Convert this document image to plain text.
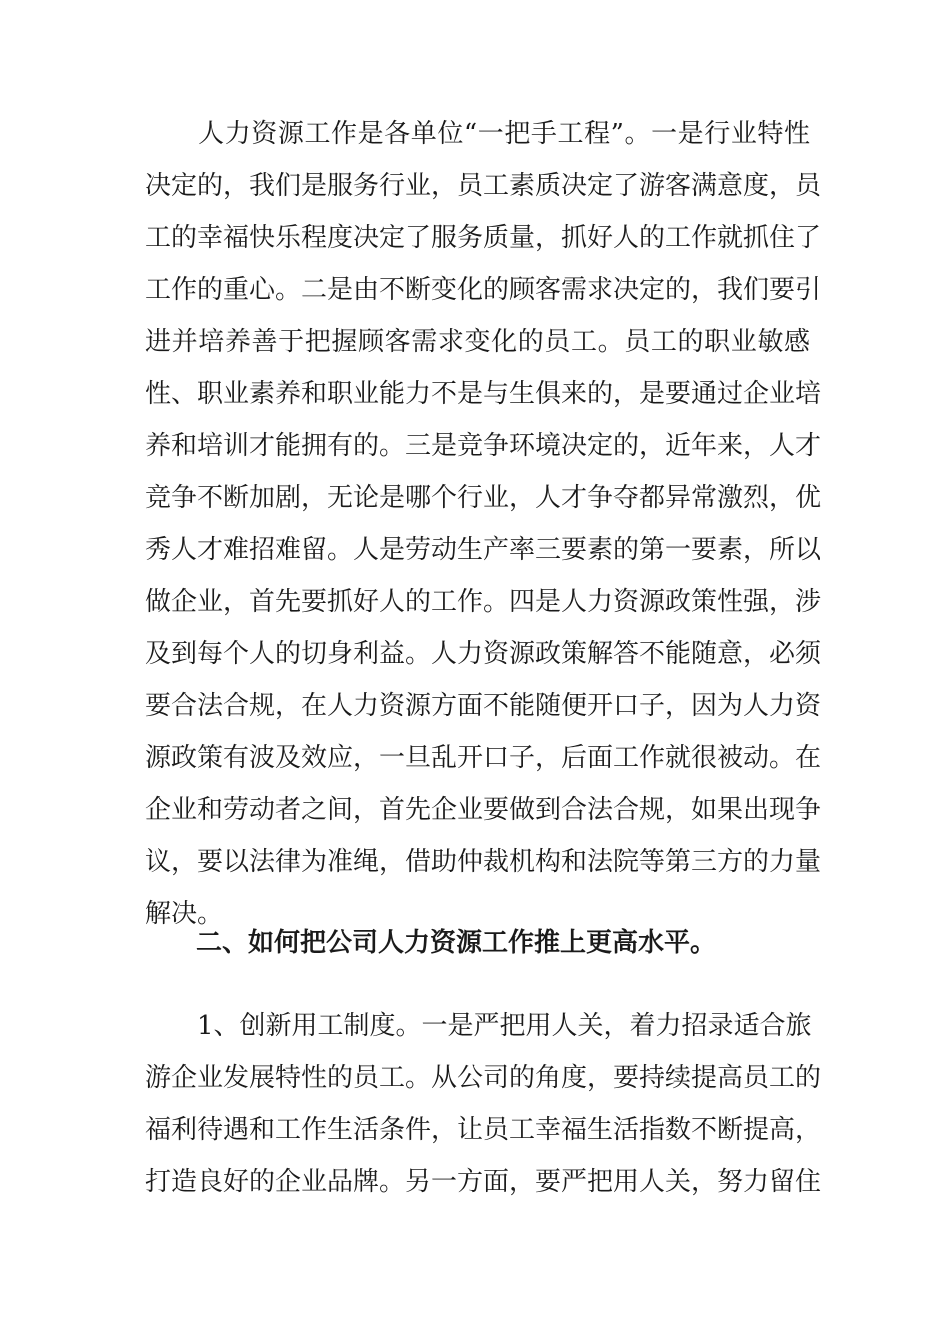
　　人力资源工作是各单位“一把手工程”。一是行业特性
决定的，我们是服务行业，员工素质决定了游客满意度，员
工的幸福快乐程度决定了服务质量，抓好人的工作就抓住了
工作的重心。二是由不断变化的顾客需求决定的，我们要引
进并培养善于把握顾客需求变化的员工。员工的职业敏感
性、职业素养和职业能力不是与生俱来的，是要通过企业培
养和培训才能拥有的。三是竞争环境决定的，近年来，人才
竞争不断加剧，无论是哪个行业，人才争夺都异常激烈，优
秀人才难招难留。人是劳动生产率三要素的第一要素，所以
做企业，首先要抓好人的工作。四是人力资源政策性强，涉
及到每个人的切身利益。人力资源政策解答不能随意，必须
要合法合规，在人力资源方面不能随便开口子，因为人力资
源政策有波及效应，一旦乱开口子，后面工作就很被动。在
企业和劳动者之间，首先企业要做到合法合规，如果出现争
议，要以法律为准绳，借助仲裁机构和法院等第三方的力量
解决。
二、如何把公司人力资源工作推上更高水平。
　　1、创新用工制度。一是严把用人关，着力招录适合旅
游企业发展特性的员工。从公司的角度，要持续提高员工的
福利待遇和工作生活条件，让员工幸福生活指数不断提高，
打造良好的企业品牌。另一方面，要严把用人关，努力留住
